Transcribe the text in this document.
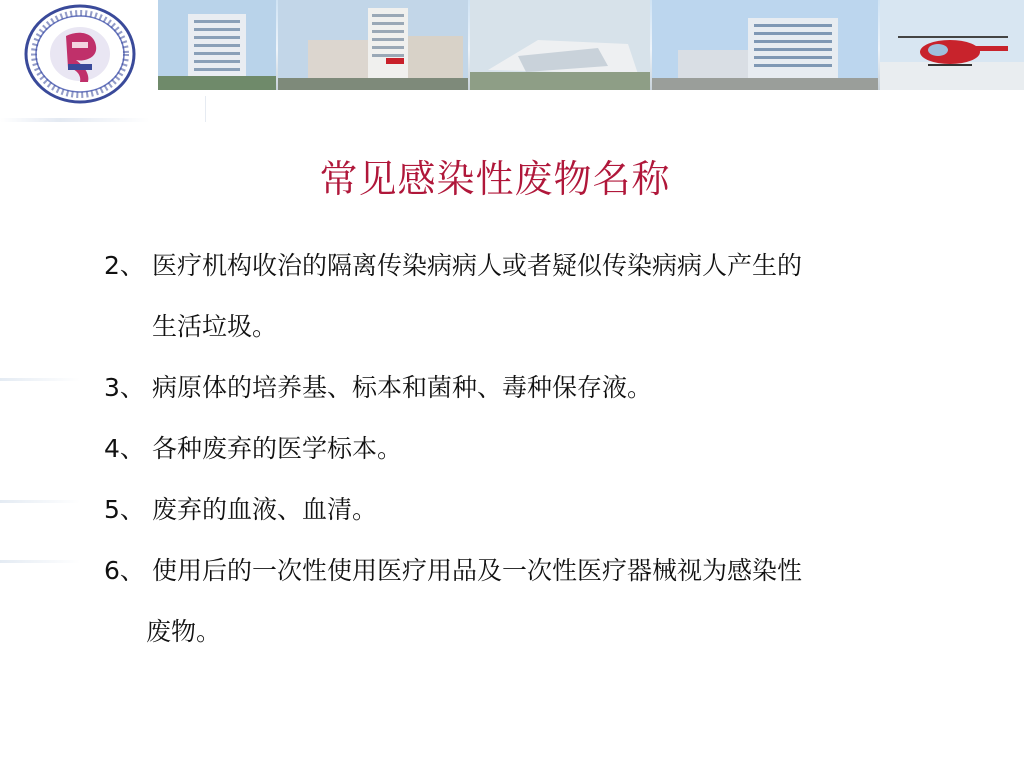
常见感染性废物名称
2、 医疗机构收治的隔离传染病病人或者疑似传染病病人产生的
生活垃圾。
3、 病原体的培养基、标本和菌种、毒种保存液。
4、 各种废弃的医学标本。
5、 废弃的血液、血清。
6、 使用后的一次性使用医疗用品及一次性医疗器械视为感染性
废物。
